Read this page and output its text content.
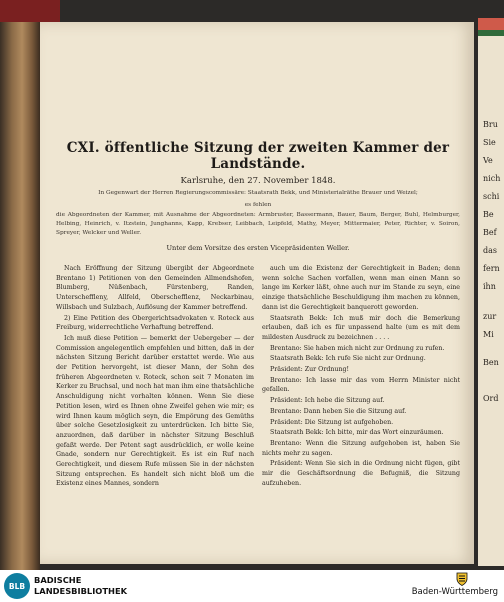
CXI. öffentliche Sitzung der zweiten Kammer der Landstände.
Karlsruhe, den 27. November 1848.
In Gegenwart der Herren Regierungscommissäre: Staatsrath Bekk, und Ministerialräthe Brauer und Weizel;
es fehlen
die Abgeordneten der Kammer, mit Ausnahme der Abgeordneten: Armbruster, Bassermann, Bauer, Baum, Berger, Buhl, Helmburger, Helbing, Heinrich, v. Itzstein, Junghanns, Kapp, Krebser, Leibbach, Leipfeld, Mathy, Meyer, Mittermaier, Peter, Richter, v. Soiron, Spreyer, Welcker und Weller.
Unter dem Vorsitze des ersten Vicepräsidenten Weller.

Nach Eröffnung der Sitzung übergibt der Abgeordnete Brentano 1) Petitionen von den Gemeinden Allmendshofen, Blumberg, Nüßenbach, Fürstenberg, Randen, Unterscheffleny, Allfeld, Oberschefflenz, Neckarbinau, Willsbach und Sulzbach, Auflösung der Kammer betreffend.

2) Eine Petition des Obergerichtsadvokaten v. Roteck aus Freiburg, widerrechtliche Verhaftung betreffend.

Ich muß diese Petition — bemerkt der Uebergeber — der Commission angelegentlich empfehlen und bitten, daß in der nächsten Sitzung Bericht darüber erstattet werde. Wie aus der Petition hervorgeht, ist dieser Mann, der Sohn des früheren Abgeordneten v. Roteck, schon seit 7 Monaten im Kerker zu Bruchsal, und noch hat man ihm eine thatsächliche Anschuldigung nicht vorhalten können. Wenn Sie diese Petition lesen, wird es Ihnen ohne Zweifel gehen wie mir; es wird Ihnen kaum möglich seyn, die Empörung des Gemüths über solche Gesetzlosigkeit zu unterdrücken. Ich bitte Sie, anzuordnen, daß darüber in nächster Sitzung Beschluß gefaßt werde. Der Petent sagt ausdrücklich, er wolle keine Gnade, sondern nur Gerechtigkeit. Es ist ein Ruf nach Gerechtigkeit, und diesem Rufe müssen Sie in der nächsten Sitzung entsprechen. Es handelt sich nicht bloß um die Existenz eines Mannes, sondern

auch um die Existenz der Gerechtigkeit in Baden; denn wenn solche Sachen vorfallen, wenn man einen Mann so lange im Kerker läßt, ohne auch nur im Stande zu seyn, eine einzige thatsächliche Beschuldigung ihm machen zu können, dann ist die Gerechtigkeit banquerott geworden.

Staatsrath Bekk: Ich muß mir doch die Bemerkung erlauben, daß ich es für unpassend halte (um es mit dem mildesten Ausdruck zu bezeichnen . . . .

Brentano: Sie haben mich nicht zur Ordnung zu rufen.

Staatsrath Bekk: Ich rufe Sie nicht zur Ordnung.

Präsident: Zur Ordnung!

Brentano: Ich lasse mir das vom Herrn Minister nicht gefallen.

Präsident: Ich hebe die Sitzung auf.

Brentano: Dann heben Sie die Sitzung auf.

Präsident: Die Sitzung ist aufgehoben.

Staatsrath Bekk: Ich bitte, mir das Wort einzuräumen.

Brentano: Wenn die Sitzung aufgehoben ist, haben Sie nichts mehr zu sagen.

Präsident: Wenn Sie sich in die Ordnung nicht fügen, gibt mir die Geschäftsordnung die Befugniß, die Sitzung aufzuheben.

Bru
Sie
Ve
nich
schi
Be
Bef
das
fern
ihn
zur
Mi
Ben
Ord
BLB
BADISCHE
LANDESBIBLIOTHEK	Baden-Württemberg
